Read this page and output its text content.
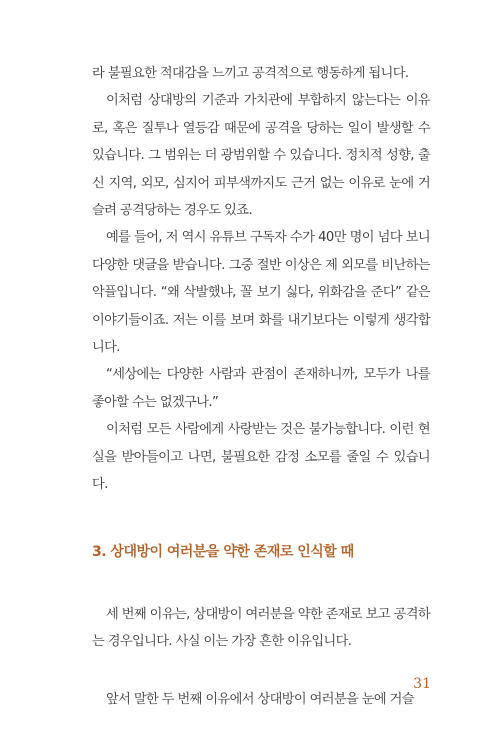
라 불필요한 적대감을 느끼고 공격적으로 행동하게 됩니다.

이처럼 상대방의 기준과 가치관에 부합하지 않는다는 이유로, 혹은 질투나 열등감 때문에 공격을 당하는 일이 발생할 수 있습니다. 그 범위는 더 광범위할 수 있습니다. 정치적 성향, 출신 지역, 외모, 심지어 피부색까지도 근거 없는 이유로 눈에 거슬려 공격당하는 경우도 있죠.

예를 들어, 저 역시 유튜브 구독자 수가 40만 명이 넘다 보니 다양한 댓글을 받습니다. 그중 절반 이상은 제 외모를 비난하는 악플입니다. “왜 삭발했냐, 꼴 보기 싫다, 위화감을 준다” 같은 이야기들이죠. 저는 이를 보며 화를 내기보다는 이렇게 생각합니다.

“세상에는 다양한 사람과 관점이 존재하니까, 모두가 나를 좋아할 수는 없겠구나.”

이처럼 모든 사람에게 사랑받는 것은 불가능합니다. 이런 현실을 받아들이고 나면, 불필요한 감정 소모를 줄일 수 있습니다.

3. 상대방이 여러분을 약한 존재로 인식할 때

세 번째 이유는, 상대방이 여러분을 약한 존재로 보고 공격하는 경우입니다. 사실 이는 가장 흔한 이유입니다.

앞서 말한 두 번째 이유에서 상대방이 여러분을 눈에 거슬

31
